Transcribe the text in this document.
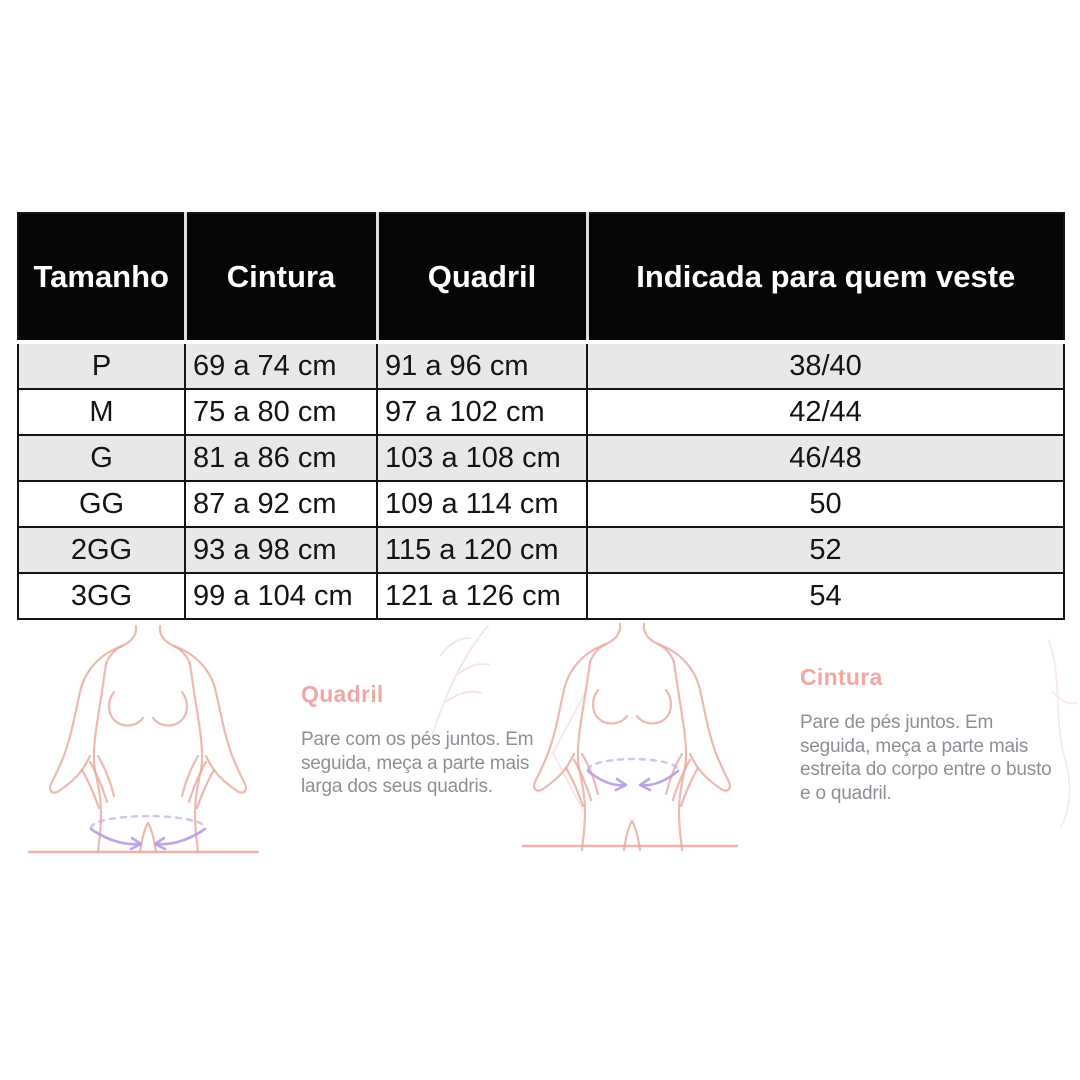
Tamanho	Cintura	Quadril	Indicada para quem veste
P	69 a 74 cm	91 a 96 cm	38/40
M	75 a 80 cm	97 a 102 cm	42/44
G	81 a 86 cm	103 a 108 cm	46/48
GG	87 a 92 cm	109 a 114 cm	50
2GG	93 a 98 cm	115 a 120 cm	52
3GG	99 a 104 cm	121 a 126 cm	54
Quadril
Pare com os pés juntos. Em
seguida, meça a parte mais
larga dos seus quadris.
Cintura
Pare de pés juntos. Em
seguida, meça a parte mais
estreita do corpo entre o busto
e o quadril.
